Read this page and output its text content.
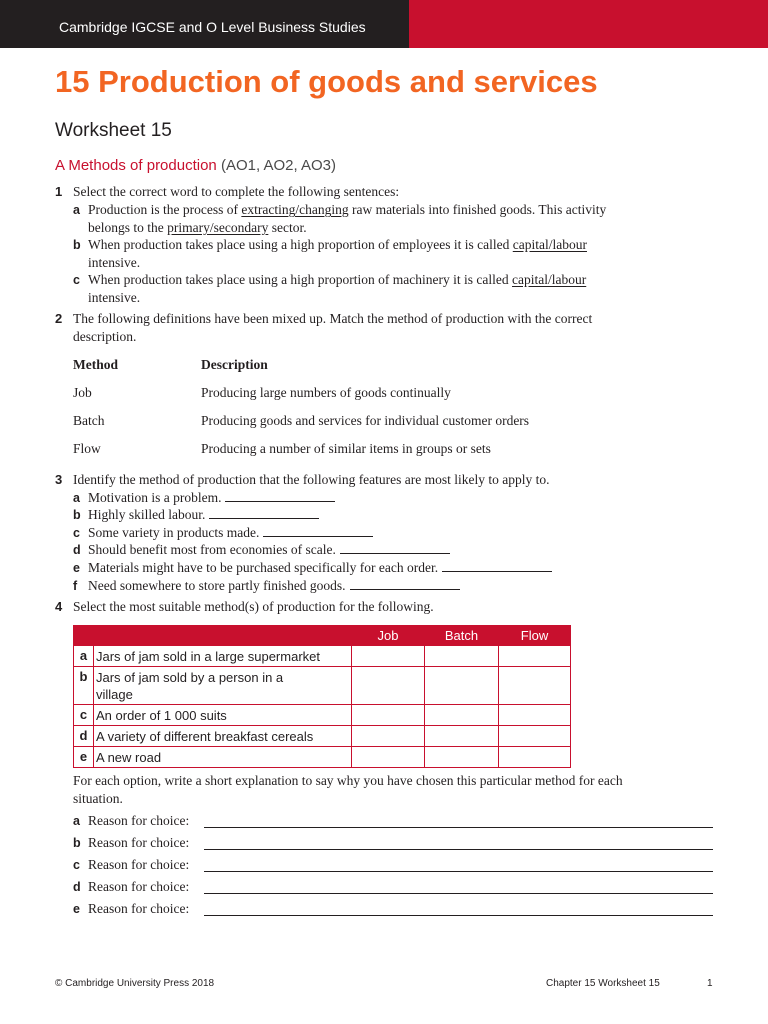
Cambridge IGCSE and O Level Business Studies
15 Production of goods and services
Worksheet 15
A Methods of production (AO1, AO2, AO3)
1 Select the correct word to complete the following sentences:
a Production is the process of extracting/changing raw materials into finished goods. This activity
belongs to the primary/secondary sector.
b When production takes place using a high proportion of employees it is called capital/labour
intensive.
c When production takes place using a high proportion of machinery it is called capital/labour
intensive.
2 The following definitions have been mixed up. Match the method of production with the correct
description.
Method	Description
Job	Producing large numbers of goods continually
Batch	Producing goods and services for individual customer orders
Flow	Producing a number of similar items in groups or sets
3 Identify the method of production that the following features are most likely to apply to.
a Motivation is a problem.
b Highly skilled labour.
c Some variety in products made.
d Should benefit most from economies of scale.
e Materials might have to be purchased specifically for each order.
f Need somewhere to store partly finished goods.
4 Select the most suitable method(s) of production for the following.
		Job	Batch	Flow
a	Jars of jam sold in a large supermarket			
b	Jars of jam sold by a person in a village			
c	An order of 1 000 suits			
d	A variety of different breakfast cereals			
e	A new road			
For each option, write a short explanation to say why you have chosen this particular method for each
situation.
a Reason for choice:
b Reason for choice:
c Reason for choice:
d Reason for choice:
e Reason for choice:
© Cambridge University Press 2018	Chapter 15 Worksheet 15	1
